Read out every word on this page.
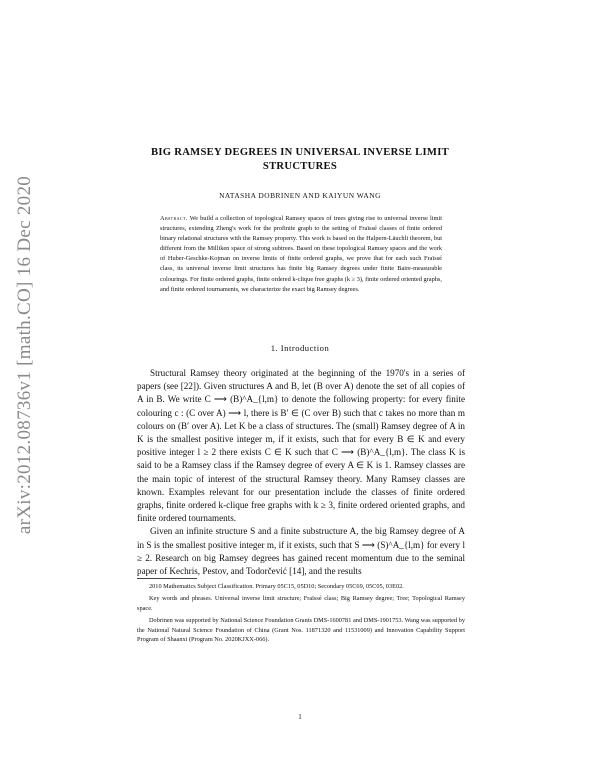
arXiv:2012.08736v1 [math.CO] 16 Dec 2020
BIG RAMSEY DEGREES IN UNIVERSAL INVERSE LIMIT
STRUCTURES
NATASHA DOBRINEN AND KAIYUN WANG
Abstract. We build a collection of topological Ramsey spaces of trees giving rise to universal inverse limit structures, extending Zheng's work for the profinite graph to the setting of Fraïssé classes of finite ordered binary relational structures with the Ramsey property. This work is based on the Halpern-Läuchli theorem, but different from the Milliken space of strong subtrees. Based on these topological Ramsey spaces and the work of Huber-Geschke-Kojman on inverse limits of finite ordered graphs, we prove that for each such Fraïssé class, its universal inverse limit structures has finite big Ramsey degrees under finite Baire-measurable colourings. For finite ordered graphs, finite ordered k-clique free graphs (k ≥ 3), finite ordered oriented graphs, and finite ordered tournaments, we characterize the exact big Ramsey degrees.
1. Introduction

Structural Ramsey theory originated at the beginning of the 1970's in a series of papers (see [22]). Given structures A and B, let (B over A) denote the set of all copies of A in B. We write C ⟶ (B)^A_{l,m} to denote the following property: for every finite colouring c : (C over A) ⟶ l, there is B′ ∈ (C over B) such that c takes no more than m colours on (B′ over A). Let K be a class of structures. The (small) Ramsey degree of A in K is the smallest positive integer m, if it exists, such that for every B ∈ K and every positive integer l ≥ 2 there exists C ∈ K such that C ⟶ (B)^A_{l,m}. The class K is said to be a Ramsey class if the Ramsey degree of every A ∈ K is 1. Ramsey classes are the main topic of interest of the structural Ramsey theory. Many Ramsey classes are known. Examples relevant for our presentation include the classes of finite ordered graphs, finite ordered k-clique free graphs with k ≥ 3, finite ordered oriented graphs, and finite ordered tournaments.

Given an infinite structure S and a finite substructure A, the big Ramsey degree of A in S is the smallest positive integer m, if it exists, such that S ⟶ (S)^A_{l,m} for every l ≥ 2. Research on big Ramsey degrees has gained recent momentum due to the seminal paper of Kechris, Pestov, and Todorčević [14], and the results

2010 Mathematics Subject Classification. Primary 05C15, 05D10; Secondary 05C69, 05C05, 03E02.

Key words and phrases. Universal inverse limit structure; Fraïssé class; Big Ramsey degree; Tree; Topological Ramsey space.

Dobrinen was supported by National Science Foundation Grants DMS-1600781 and DMS-1901753. Wang was supported by the National Natural Science Foundation of China (Grant Nos. 11871320 and 11531009) and Innovation Capability Support Program of Shaanxi (Program No. 2020KJXX-066).

1
